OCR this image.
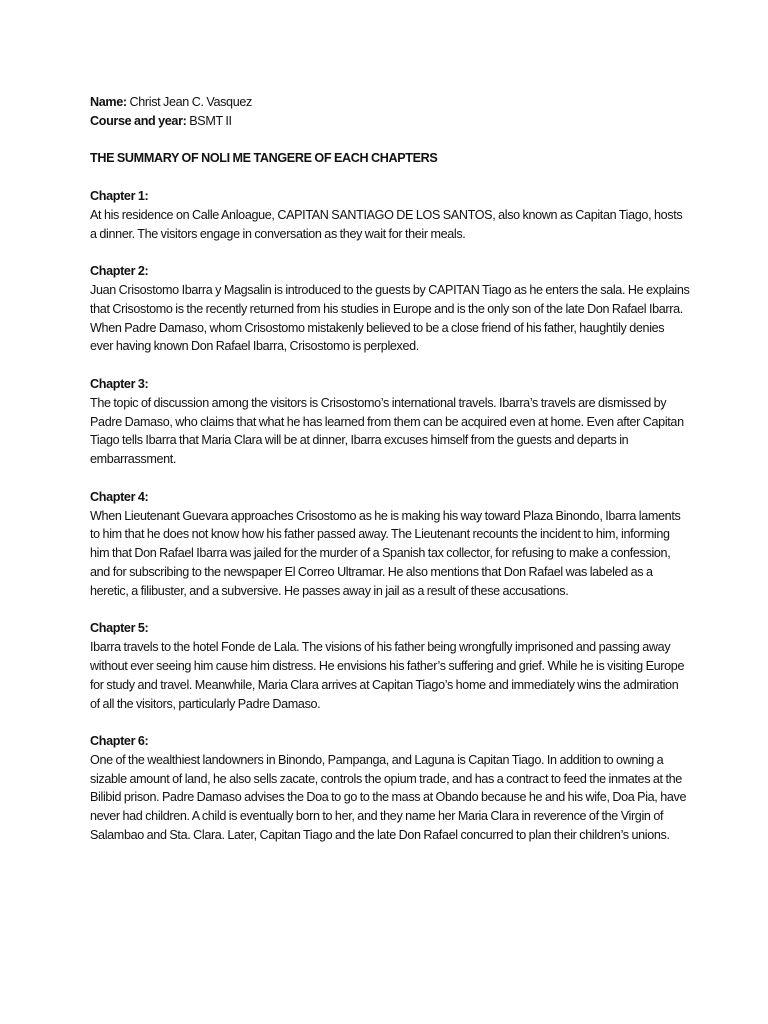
Name: Christ Jean C. Vasquez

Course and year: BSMT II

THE SUMMARY OF NOLI ME TANGERE OF EACH CHAPTERS

Chapter 1:

At his residence on Calle Anloague, CAPITAN SANTIAGO DE LOS SANTOS, also known as Capitan Tiago, hosts a dinner. The visitors engage in conversation as they wait for their meals.

Chapter 2:

Juan Crisostomo Ibarra y Magsalin is introduced to the guests by CAPITAN Tiago as he enters the sala. He explains that Crisostomo is the recently returned from his studies in Europe and is the only son of the late Don Rafael Ibarra. When Padre Damaso, whom Crisostomo mistakenly believed to be a close friend of his father, haughtily denies ever having known Don Rafael Ibarra, Crisostomo is perplexed.

Chapter 3:

The topic of discussion among the visitors is Crisostomo’s international travels. Ibarra’s travels are dismissed by Padre Damaso, who claims that what he has learned from them can be acquired even at home. Even after Capitan Tiago tells Ibarra that Maria Clara will be at dinner, Ibarra excuses himself from the guests and departs in embarrassment.

Chapter 4:

When Lieutenant Guevara approaches Crisostomo as he is making his way toward Plaza Binondo, Ibarra laments to him that he does not know how his father passed away. The Lieutenant recounts the incident to him, informing him that Don Rafael Ibarra was jailed for the murder of a Spanish tax collector, for refusing to make a confession, and for subscribing to the newspaper El Correo Ultramar. He also mentions that Don Rafael was labeled as a heretic, a filibuster, and a subversive. He passes away in jail as a result of these accusations.

Chapter 5:

Ibarra travels to the hotel Fonde de Lala. The visions of his father being wrongfully imprisoned and passing away without ever seeing him cause him distress. He envisions his father’s suffering and grief. While he is visiting Europe for study and travel. Meanwhile, Maria Clara arrives at Capitan Tiago’s home and immediately wins the admiration of all the visitors, particularly Padre Damaso.

Chapter 6:

One of the wealthiest landowners in Binondo, Pampanga, and Laguna is Capitan Tiago. In addition to owning a sizable amount of land, he also sells zacate, controls the opium trade, and has a contract to feed the inmates at the Bilibid prison. Padre Damaso advises the Doa to go to the mass at Obando because he and his wife, Doa Pia, have never had children. A child is eventually born to her, and they name her Maria Clara in reverence of the Virgin of Salambao and Sta. Clara. Later, Capitan Tiago and the late Don Rafael concurred to plan their children’s unions.
